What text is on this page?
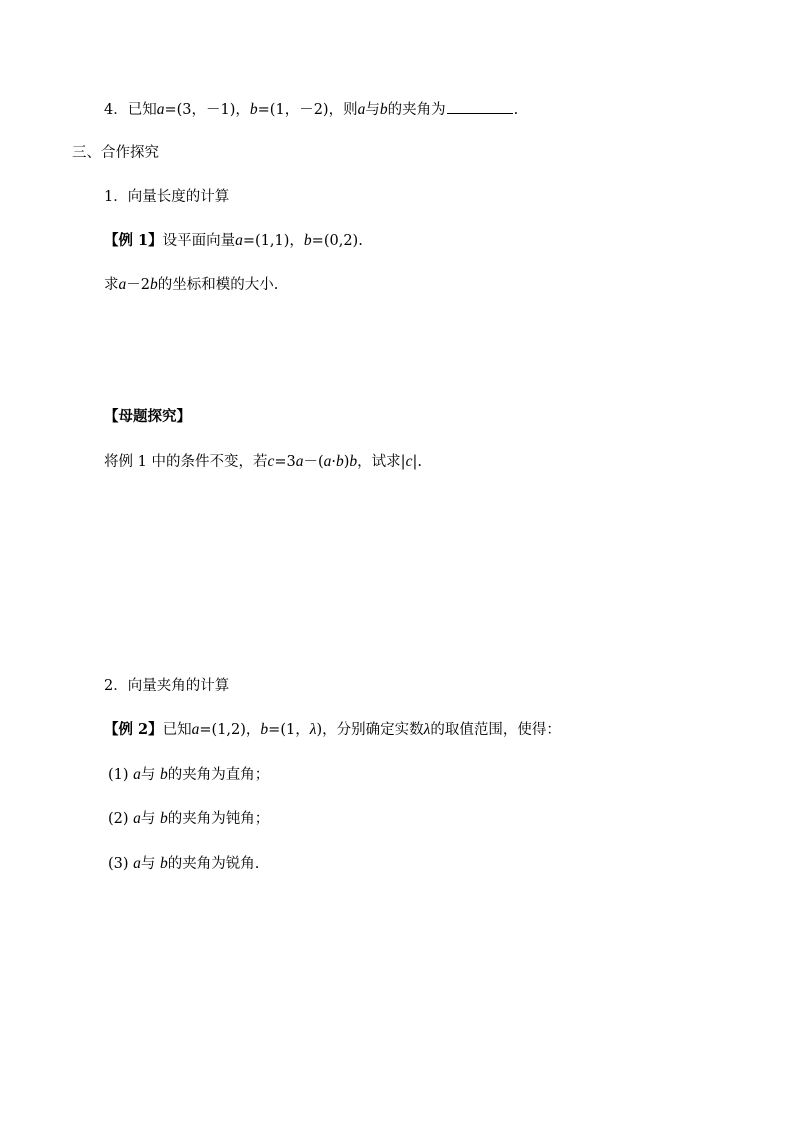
4．已知a=(3，－1)，b=(1，－2)，则a与b的夹角为	.
三、合作探究
1．向量长度的计算
【例 1】设平面向量a=(1,1)，b=(0,2).
求a－2b的坐标和模的大小.
【母题探究】
将例 1 中的条件不变，若c=3a－(a·b)b，试求|c|.
2．向量夹角的计算
【例 2】已知a=(1,2)，b=(1，λ)，分别确定实数λ的取值范围，使得：
(1) a与 b的夹角为直角；
(2) a与 b的夹角为钝角；
(3) a与 b的夹角为锐角.
